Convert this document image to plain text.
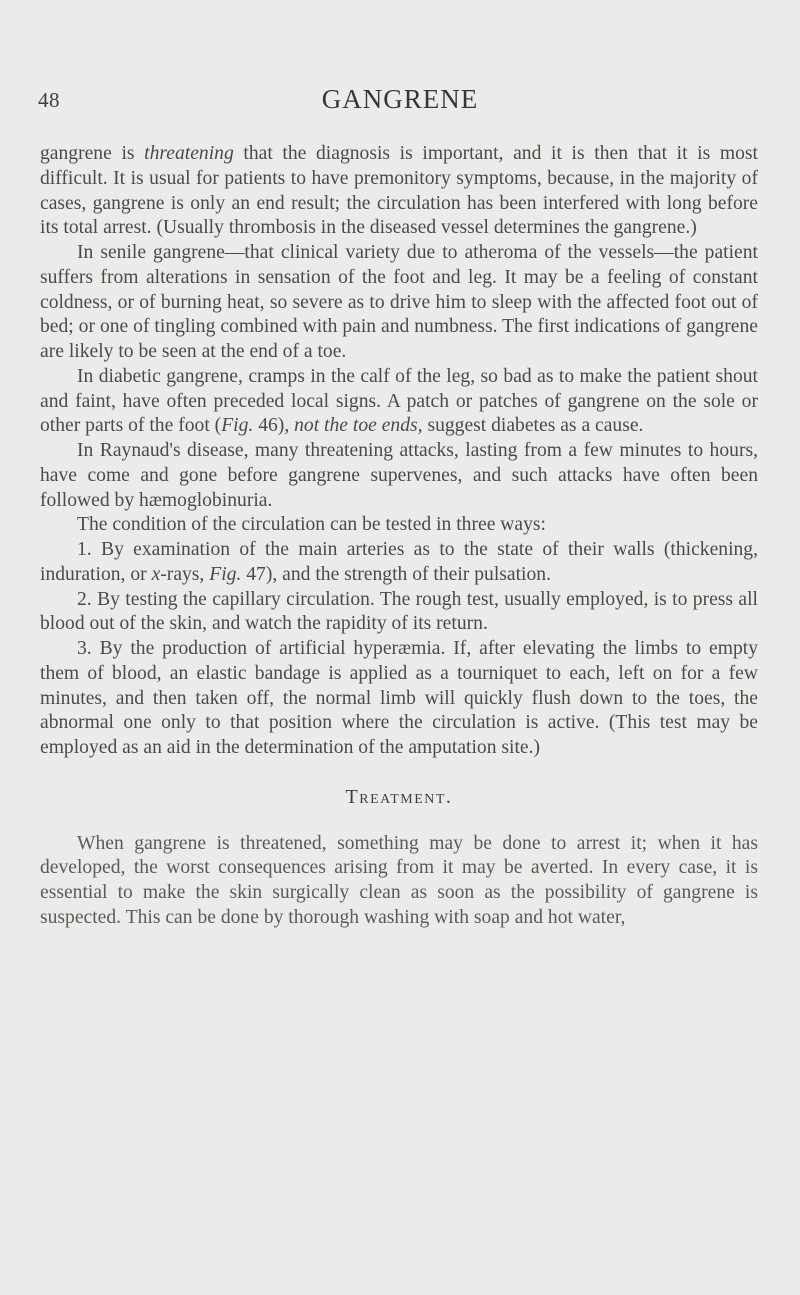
48	GANGRENE

gangrene is threatening that the diagnosis is important, and it is then that it is most difficult. It is usual for patients to have premonitory symptoms, because, in the majority of cases, gangrene is only an end result; the circulation has been interfered with long before its total arrest. (Usually thrombosis in the diseased vessel determines the gangrene.)

In senile gangrene—that clinical variety due to atheroma of the vessels—the patient suffers from alterations in sensation of the foot and leg. It may be a feeling of constant coldness, or of burning heat, so severe as to drive him to sleep with the affected foot out of bed; or one of tingling combined with pain and numbness. The first indications of gangrene are likely to be seen at the end of a toe.

In diabetic gangrene, cramps in the calf of the leg, so bad as to make the patient shout and faint, have often preceded local signs. A patch or patches of gangrene on the sole or other parts of the foot (Fig. 46), not the toe ends, suggest diabetes as a cause.

In Raynaud's disease, many threatening attacks, lasting from a few minutes to hours, have come and gone before gangrene supervenes, and such attacks have often been followed by hæmoglobinuria.

The condition of the circulation can be tested in three ways:

1. By examination of the main arteries as to the state of their walls (thickening, induration, or x-rays, Fig. 47), and the strength of their pulsation.

2. By testing the capillary circulation. The rough test, usually employed, is to press all blood out of the skin, and watch the rapidity of its return.

3. By the production of artificial hyperæmia. If, after elevating the limbs to empty them of blood, an elastic bandage is applied as a tourniquet to each, left on for a few minutes, and then taken off, the normal limb will quickly flush down to the toes, the abnormal one only to that position where the circulation is active. (This test may be employed as an aid in the determination of the amputation site.)

Treatment.

When gangrene is threatened, something may be done to arrest it; when it has developed, the worst consequences arising from it may be averted. In every case, it is essential to make the skin surgically clean as soon as the possibility of gangrene is suspected. This can be done by thorough washing with soap and hot water,
